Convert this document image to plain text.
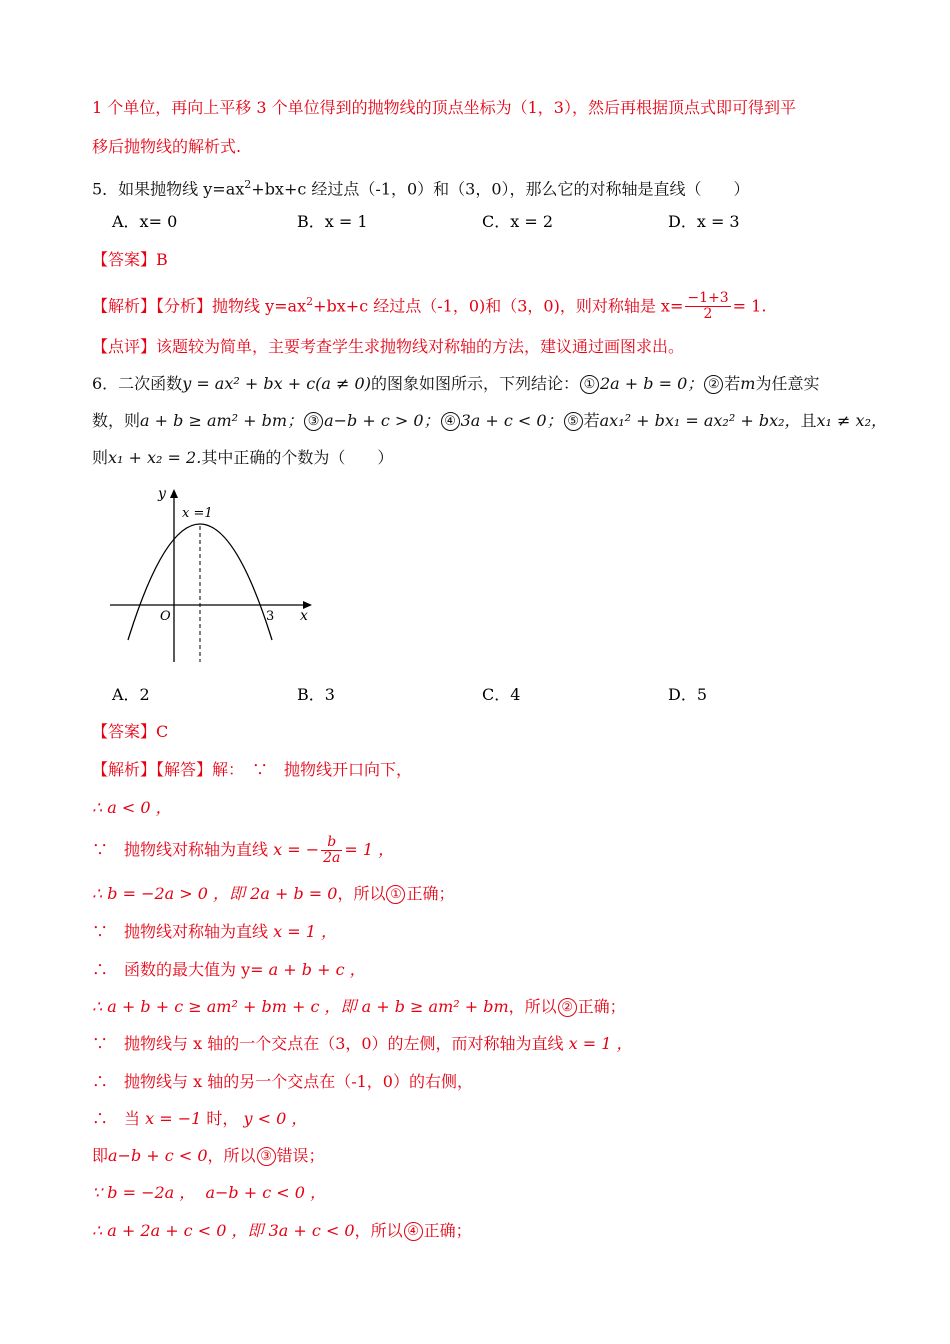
1 个单位，再向上平移 3 个单位得到的抛物线的顶点坐标为（1，3），然后再根据顶点式即可得到平
移后抛物线的解析式.
5．如果抛物线 $y=ax^2+bx+c$ 经过点（-1，0）和（3，0），那么它的对称轴是直线（　　）
A．x= 0	B．x = 1	C．x = 2	D．x = 3
【答案】B
【解析】【分析】抛物线 $y=ax^2+bx+c$ 经过点（-1，0)和（3，0)，则对称轴是 $x= \frac{-1+3}{2} = 1$.
【点评】该题较为简单，主要考查学生求抛物线对称轴的方法，建议通过画图求出。
6．二次函数y = ax² + bx + c(a ≠ 0)的图象如图所示，下列结论： ① 2a + b = 0； ② 若m为任意实
数，则a + b ≥ am² + bm； ③ a−b + c > 0； ④ 3a + c < 0； ⑤ 若ax₁² + bx₁ = ax₂² + bx₂，且x₁ ≠ x₂，
则x₁ + x₂ = 2.其中正确的个数为（　　）
y
x
O
x =1
3
A．2	B．3	C．4	D．5
【答案】C
【解析】【解答】解：　∵　抛物线开口向下，
∴ a < 0 ，
∵　抛物线对称轴为直线 x = − $\frac{b}{2a} = 1$ ，
∴ b = −2a > 0 ，即 2a + b = 0，所以 ① 正确；
∵　抛物线对称轴为直线 x = 1 ，
∴　函数的最大值为 y= a + b + c ，
∴ a + b + c ≥ am² + bm + c ，即 a + b ≥ am² + bm，所以 ② 正确；
∵　抛物线与 x 轴的一个交点在（3，0）的左侧，而对称轴为直线 x = 1 ，
∴　抛物线与 x 轴的另一个交点在（-1，0）的右侧，
∴　当 x = −1 时， y < 0 ，
即a−b + c < 0，所以 ③ 错误；
∵ b = −2a ， a−b + c < 0 ，
∴ a + 2a + c < 0 ，即 3a + c < 0，所以 ④ 正确；
